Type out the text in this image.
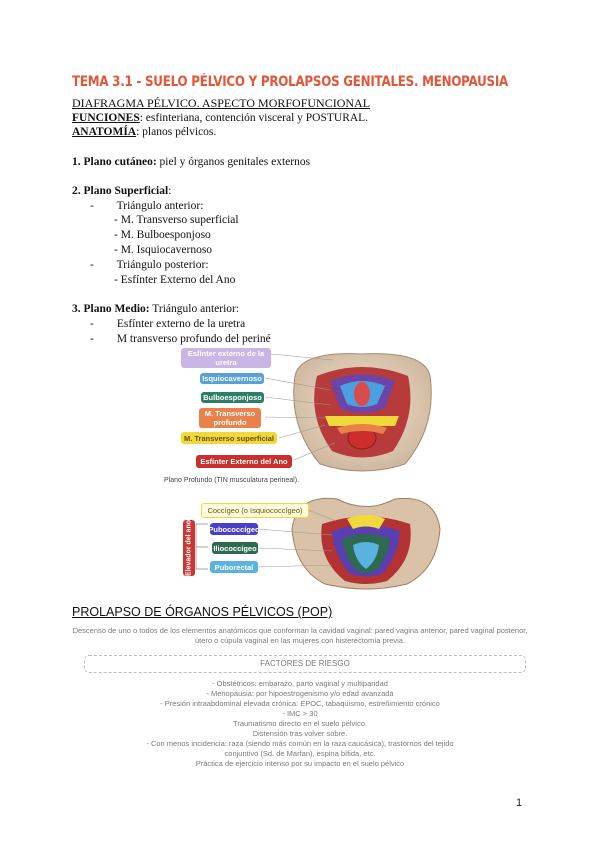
TEMA 3.1 - SUELO PÉLVICO Y PROLAPSOS GENITALES. MENOPAUSIA
DIAFRAGMA PÉLVICO. ASPECTO MORFOFUNCIONAL
FUNCIONES: esfinteriana, contención visceral y POSTURAL.
ANATOMÍA: planos pélvicos.
1. Plano cutáneo: piel y órganos genitales externos
2. Plano Superficial:
-        Triángulo anterior:
- M. Transverso superficial
- M. Bulboesponjoso
- M. Isquiocavernoso
-        Triángulo posterior:
- Esfínter Externo del Ano
3. Plano Medio: Triángulo anterior:
-        Esfínter externo de la uretra
-        M transverso profundo del periné
Esfínter externo de la uretra
Isquiocavernoso
Bulboesponjoso
M. Transverso profundo
M. Transverso superficial
Esfínter Externo del Ano
Plano Profundo (TIN musculatura perineal).
Coccígeo (o Isquiococcígeo)
Elevador del ano Pubococcígeo
Iliococcígeo
Puborectal
PROLAPSO DE ÓRGANOS PÉLVICOS (POP)
Descenso de uno o todos de los elementos anatómicos que conforman la cavidad vaginal: pared vagina anterior, pared vaginal posterior, útero o cúpula vaginal en las mujeres con histerectomía previa.
FACTORES DE RIESGO
- Obstétricos: embarazo, parto vaginal y multiparidad
- Menopausia: por hipoestrogenismo y/o edad avanzada
- Presión intraabdominal elevada crónica: EPOC, tabaquismo, estreñimiento crónico
- IMC > 30
Traumatismo directo en el suelo pélvico.
Distensión tras volver sobre.
- Con menos incidencia: raza (siendo más común en la raza caucásica), trastornos del tejido
conjuntivo (Sd. de Marfan), espina bífida, etc.
Práctica de ejercicio intenso por su impacto en el suelo pélvico
1
